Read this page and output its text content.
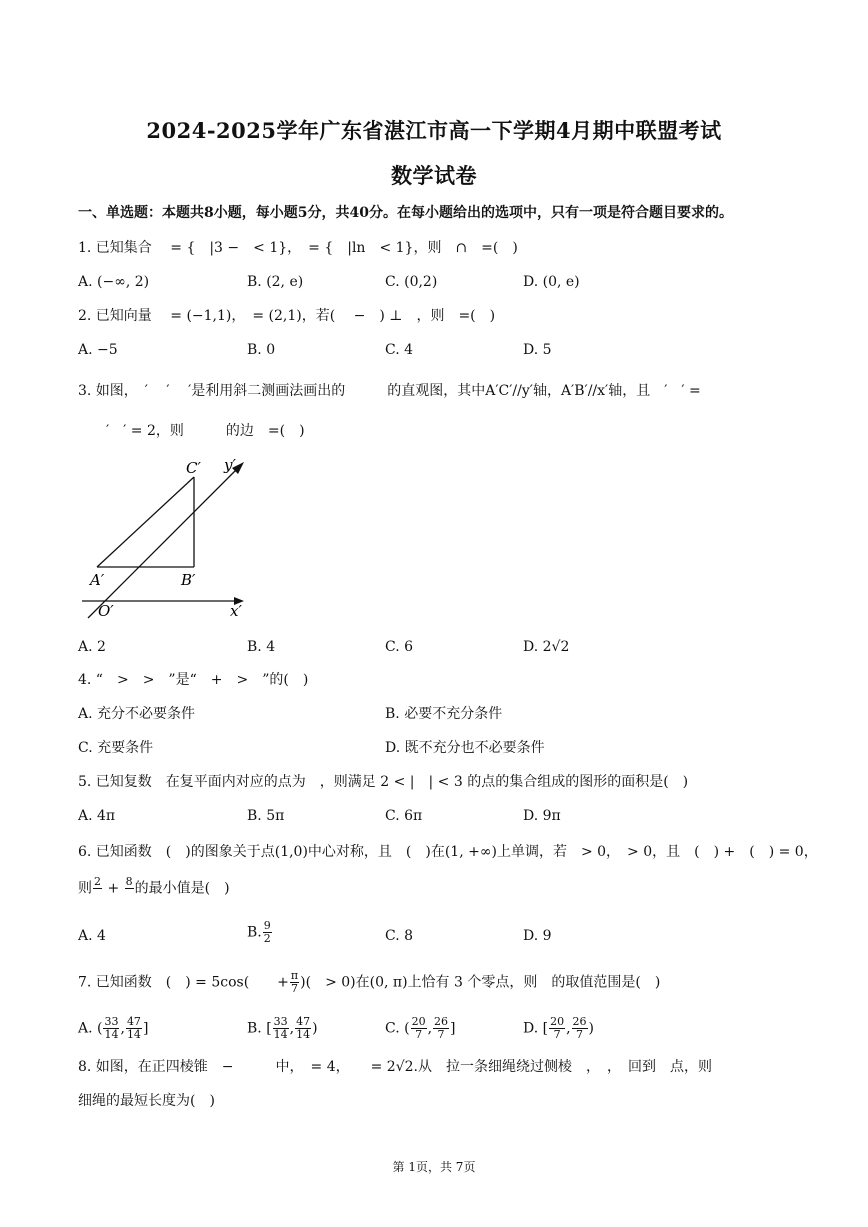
2024-2025学年广东省湛江市高一下学期4月期中联盟考试
数学试卷
一、单选题：本题共8小题，每小题5分，共40分。在每小题给出的选项中，只有一项是符合题目要求的。
1. 已知集合 　= {　|3 −　< 1}，　= {　|ln　< 1}，则　∩　=(　)
A. (−∞, 2)	B. (2, e)	C. (0,2)	D. (0, e)
2. 已知向量 　= (−1,1)，　= (2,1)，若(　 −　) ⊥　，则　=(　)
A. −5	B. 0	C. 4	D. 5
3. 如图，　′ 　′ 　′是利用斜二测画法画出的　　　的直观图，其中A′C′//y′轴，A′B′//x′轴，且　′　′ =
　′　′ = 2，则　　　的边　=(　)
C′ y′
A′	B′
O′	x′
A. 2	B. 4	C. 6	D. 2√2
4. “　>　>　”是“　+　>　”的(　)
A. 充分不必要条件	B. 必要不充分条件
C. 充要条件	D. 既不充分也不必要条件
5. 已知复数　在复平面内对应的点为　，则满足 2 < |　| < 3 的点的集合组成的图形的面积是(　)
A. 4π	B. 5π	C. 6π	D. 9π
6. 已知函数　(　)的图象关于点(1,0)中心对称，且　(　)在(1, +∞)上单调，若　> 0，　> 0，且　(　) +　(　) = 0，
则 2
+ 8
的最小值是(　)
A. 4	B. $\frac{9}{2}$	C. 8	D. 9
7. 已知函数　(　) = 5cos(　　+ $\frac{\pi}{7}$ )(　> 0)在(0, π)上恰有 3 个零点，则　的取值范围是(　)
A. ( $\frac{33}{14}$ , $\frac{47}{14}$ ]	B. [ $\frac{33}{14}$ , $\frac{47}{14}$ )	C. ( $\frac{20}{7}$ , $\frac{26}{7}$ ]	D. [ $\frac{20}{7}$ , $\frac{26}{7}$ )
8. 如图，在正四棱锥　−　　　中，　= 4，　　= 2√2.从　拉一条细绳绕过侧棱　，　，　回到　点，则
细绳的最短长度为(　)
第 1页，共 7页
